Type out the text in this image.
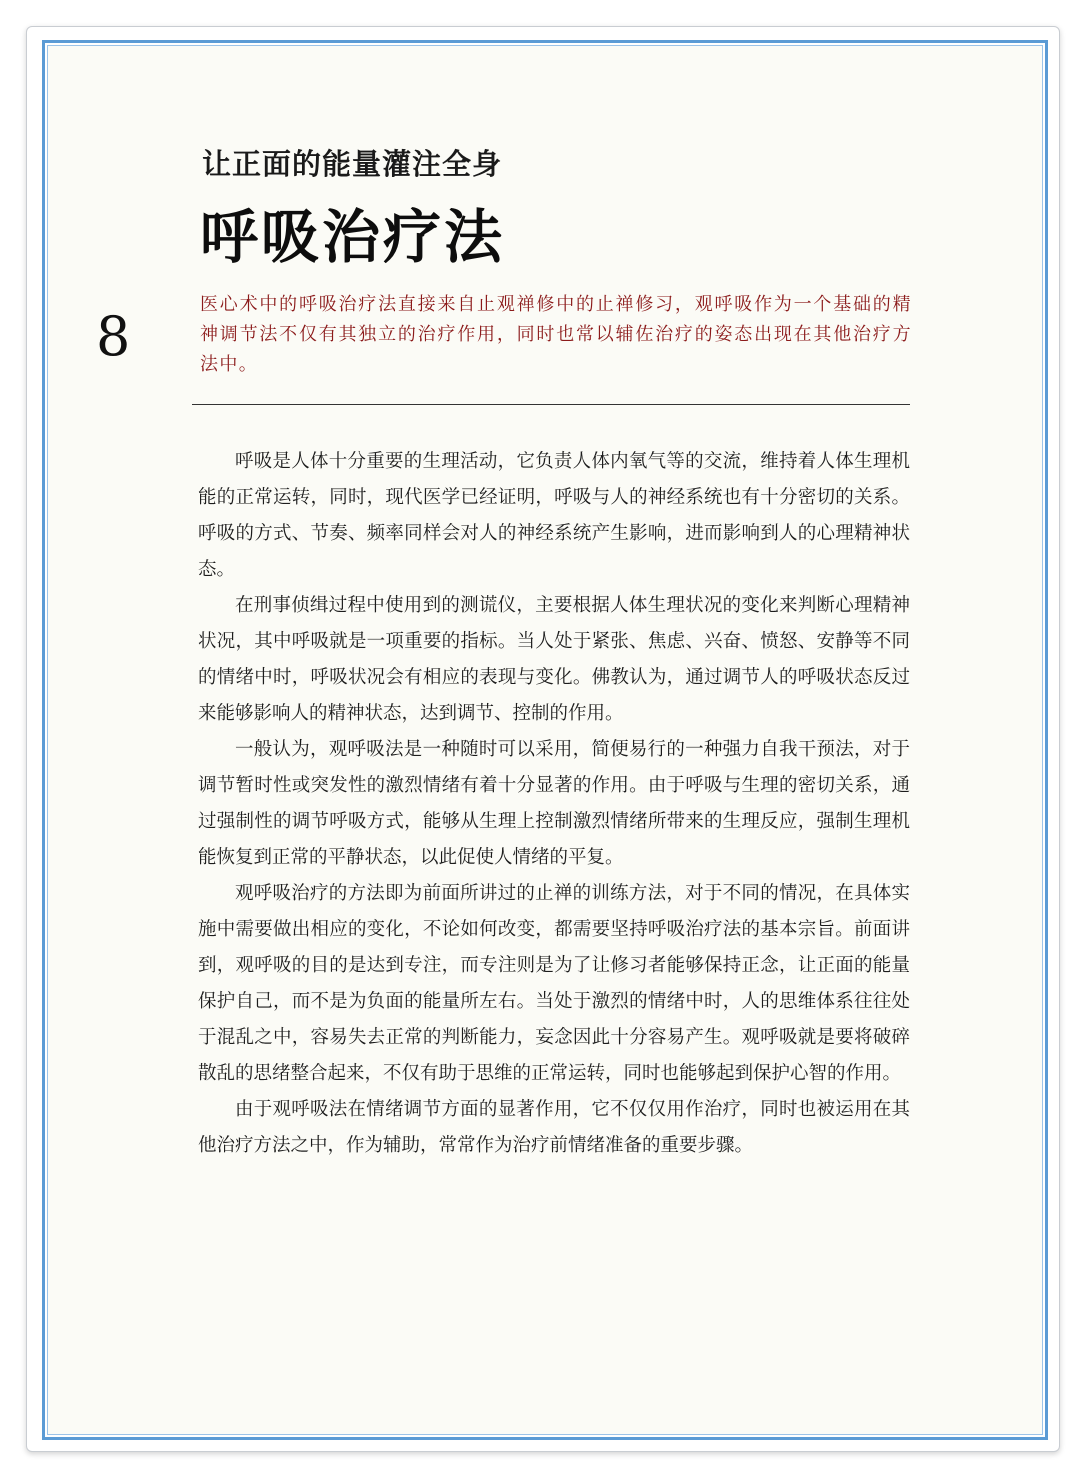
8
让正面的能量灌注全身
呼吸治疗法
医心术中的呼吸治疗法直接来自止观禅修中的止禅修习，观呼吸作为一个基础的精神调节法不仅有其独立的治疗作用，同时也常以辅佐治疗的姿态出现在其他治疗方法中。

呼吸是人体十分重要的生理活动，它负责人体内氧气等的交流，维持着人体生理机能的正常运转，同时，现代医学已经证明，呼吸与人的神经系统也有十分密切的关系。呼吸的方式、节奏、频率同样会对人的神经系统产生影响，进而影响到人的心理精神状态。

在刑事侦缉过程中使用到的测谎仪，主要根据人体生理状况的变化来判断心理精神状况，其中呼吸就是一项重要的指标。当人处于紧张、焦虑、兴奋、愤怒、安静等不同的情绪中时，呼吸状况会有相应的表现与变化。佛教认为，通过调节人的呼吸状态反过来能够影响人的精神状态，达到调节、控制的作用。

一般认为，观呼吸法是一种随时可以采用，简便易行的一种强力自我干预法，对于调节暂时性或突发性的激烈情绪有着十分显著的作用。由于呼吸与生理的密切关系，通过强制性的调节呼吸方式，能够从生理上控制激烈情绪所带来的生理反应，强制生理机能恢复到正常的平静状态，以此促使人情绪的平复。

观呼吸治疗的方法即为前面所讲过的止禅的训练方法，对于不同的情况，在具体实施中需要做出相应的变化，不论如何改变，都需要坚持呼吸治疗法的基本宗旨。前面讲到，观呼吸的目的是达到专注，而专注则是为了让修习者能够保持正念，让正面的能量保护自己，而不是为负面的能量所左右。当处于激烈的情绪中时，人的思维体系往往处于混乱之中，容易失去正常的判断能力，妄念因此十分容易产生。观呼吸就是要将破碎散乱的思绪整合起来，不仅有助于思维的正常运转，同时也能够起到保护心智的作用。

由于观呼吸法在情绪调节方面的显著作用，它不仅仅用作治疗，同时也被运用在其他治疗方法之中，作为辅助，常常作为治疗前情绪准备的重要步骤。
